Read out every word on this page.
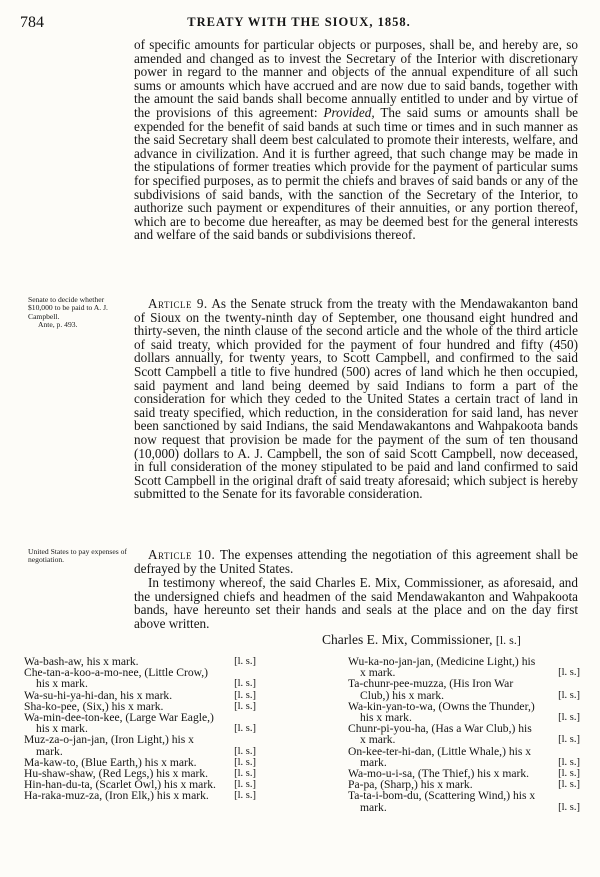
784	TREATY WITH THE SIOUX, 1858.

of specific amounts for particular objects or purposes, shall be, and hereby are, so amended and changed as to invest the Secretary of the Interior with discretionary power in regard to the manner and objects of the annual expenditure of all such sums or amounts which have accrued and are now due to said bands, together with the amount the said bands shall become annually entitled to under and by virtue of the provisions of this agreement: Provided, The said sums or amounts shall be expended for the benefit of said bands at such time or times and in such manner as the said Secretary shall deem best calculated to promote their interests, welfare, and advance in civilization. And it is further agreed, that such change may be made in the stipulations of former treaties which provide for the payment of particular sums for specified purposes, as to permit the chiefs and braves of said bands or any of the subdivisions of said bands, with the sanction of the Secretary of the Interior, to authorize such payment or expenditures of their annuities, or any portion thereof, which are to become due hereafter, as may be deemed best for the general interests and welfare of the said bands or subdivisions thereof.

Senate to decide whether $10,000 to be paid to A. J. Campbell.
Ante, p. 493.

Article 9. As the Senate struck from the treaty with the Mendawakanton band of Sioux on the twenty-ninth day of September, one thousand eight hundred and thirty-seven, the ninth clause of the second article and the whole of the third article of said treaty, which provided for the payment of four hundred and fifty (450) dollars annually, for twenty years, to Scott Campbell, and confirmed to the said Scott Campbell a title to five hundred (500) acres of land which he then occupied, said payment and land being deemed by said Indians to form a part of the consideration for which they ceded to the United States a certain tract of land in said treaty specified, which reduction, in the consideration for said land, has never been sanctioned by said Indians, the said Mendawakantons and Wahpakoota bands now request that provision be made for the payment of the sum of ten thousand (10,000) dollars to A. J. Campbell, the son of said Scott Campbell, now deceased, in full consideration of the money stipulated to be paid and land confirmed to said Scott Campbell in the original draft of said treaty aforesaid; which subject is hereby submitted to the Senate for its favorable consideration.

United States to pay expenses of negotiation.	Article 10. The expenses attending the negotiation of this agreement shall be defrayed by the United States.

In testimony whereof, the said Charles E. Mix, Commissioner, as aforesaid, and the undersigned chiefs and headmen of the said Mendawakanton and Wahpakoota bands, have hereunto set their hands and seals at the place and on the day first above written.

Charles E. Mix, Commissioner, [l. s.]
Wa-bash-aw, his x mark.	[l. s.]
Che-tan-a-koo-a-mo-nee, (Little Crow,) his x mark.	[l. s.]
Wa-su-hi-ya-hi-dan, his x mark.	[l. s.]
Sha-ko-pee, (Six,) his x mark.	[l. s.]
Wa-min-dee-ton-kee, (Large War Eagle,) his x mark.	[l. s.]
Muz-za-o-jan-jan, (Iron Light,) his x mark.	[l. s.]
Ma-kaw-to, (Blue Earth,) his x mark.	[l. s.]
Hu-shaw-shaw, (Red Legs,) his x mark.	[l. s.]
Hin-han-du-ta, (Scarlet Owl,) his x mark.	[l. s.]
Ha-raka-muz-za, (Iron Elk,) his x mark.	[l. s.]
Wu-ka-no-jan-jan, (Medicine Light,) his x mark.	[l. s.]
Ta-chunr-pee-muzza, (His Iron War Club,) his x mark.	[l. s.]
Wa-kin-yan-to-wa, (Owns the Thunder,) his x mark.	[l. s.]
Chunr-pi-you-ha, (Has a War Club,) his x mark.	[l. s.]
On-kee-ter-hi-dan, (Little Whale,) his x mark.	[l. s.]
Wa-mo-u-i-sa, (The Thief,) his x mark.	[l. s.]
Pa-pa, (Sharp,) his x mark.	[l. s.]
Ta-ta-i-bom-du, (Scattering Wind,) his x mark.	[l. s.]
